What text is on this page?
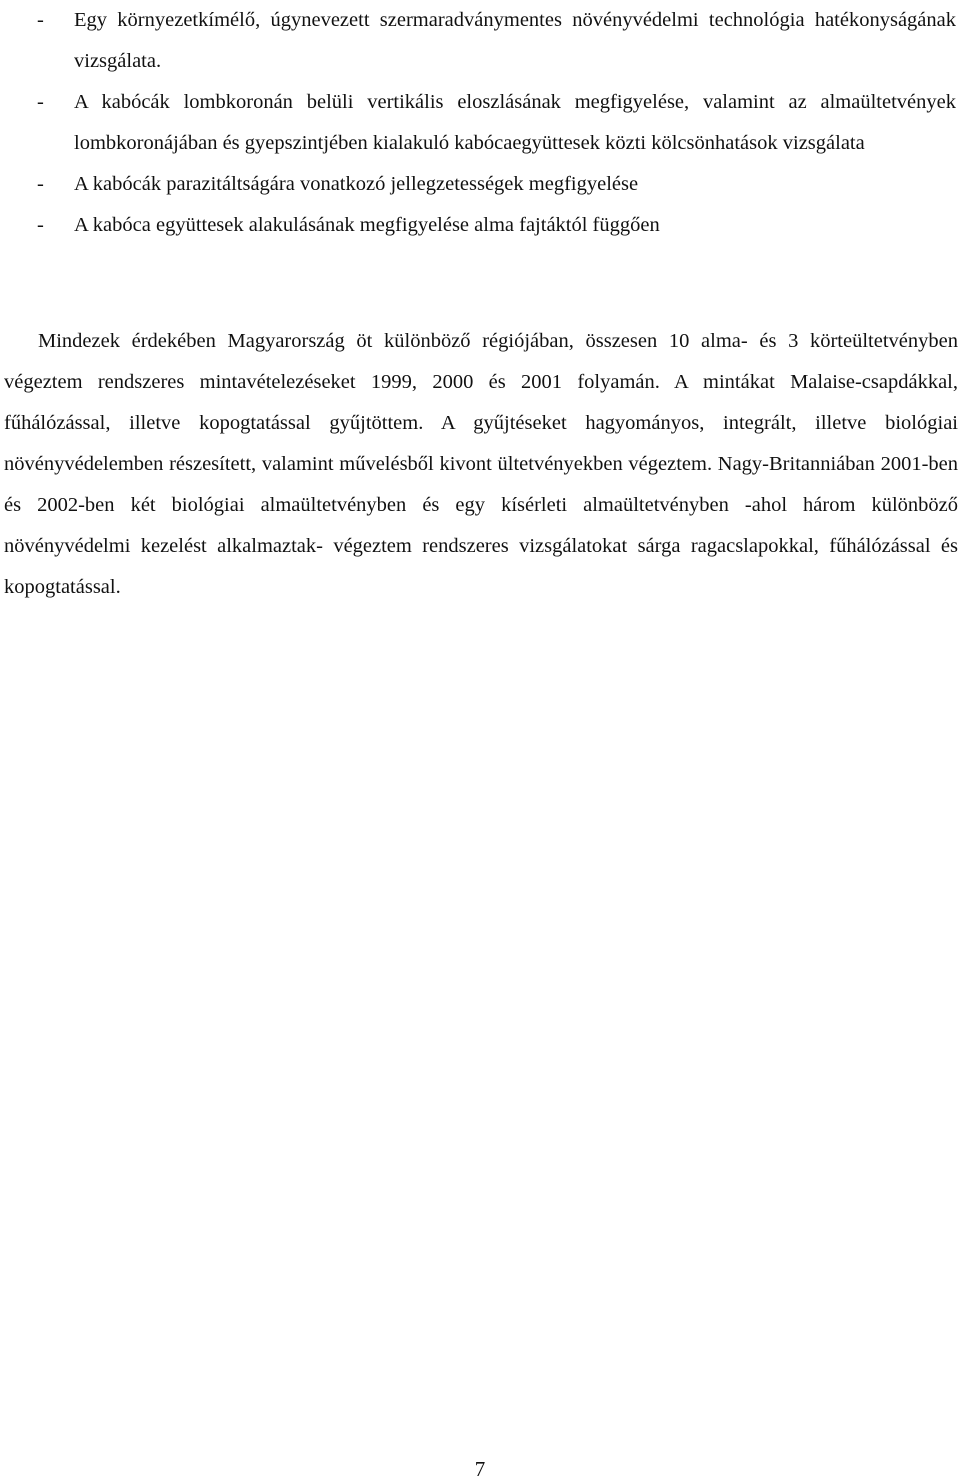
- Egy környezetkímélő, úgynevezett szermaradványmentes növényvédelmi technológia hatékonyságának vizsgálata.
- A kabócák lombkoronán belüli vertikális eloszlásának megfigyelése, valamint az almaültetvények lombkoronájában és gyepszintjében kialakuló kabócaegyüttesek közti kölcsönhatások vizsgálata
- A kabócák parazitáltságára vonatkozó jellegzetességek megfigyelése
- A kabóca együttesek alakulásának megfigyelése alma fajtáktól függően

Mindezek érdekében Magyarország öt különböző régiójában, összesen 10 alma- és 3 körteültetvényben végeztem rendszeres mintavételezéseket 1999, 2000 és 2001 folyamán. A mintákat Malaise-csapdákkal, fűhálózással, illetve kopogtatással gyűjtöttem. A gyűjtéseket hagyományos, integrált, illetve biológiai növényvédelemben részesített, valamint művelésből kivont ültetvényekben végeztem. Nagy-Britanniában 2001-ben és 2002-ben két biológiai almaültetvényben és egy kísérleti almaültetvényben -ahol három különböző növényvédelmi kezelést alkalmaztak- végeztem rendszeres vizsgálatokat sárga ragacslapokkal, fűhálózással és kopogtatással.

7
